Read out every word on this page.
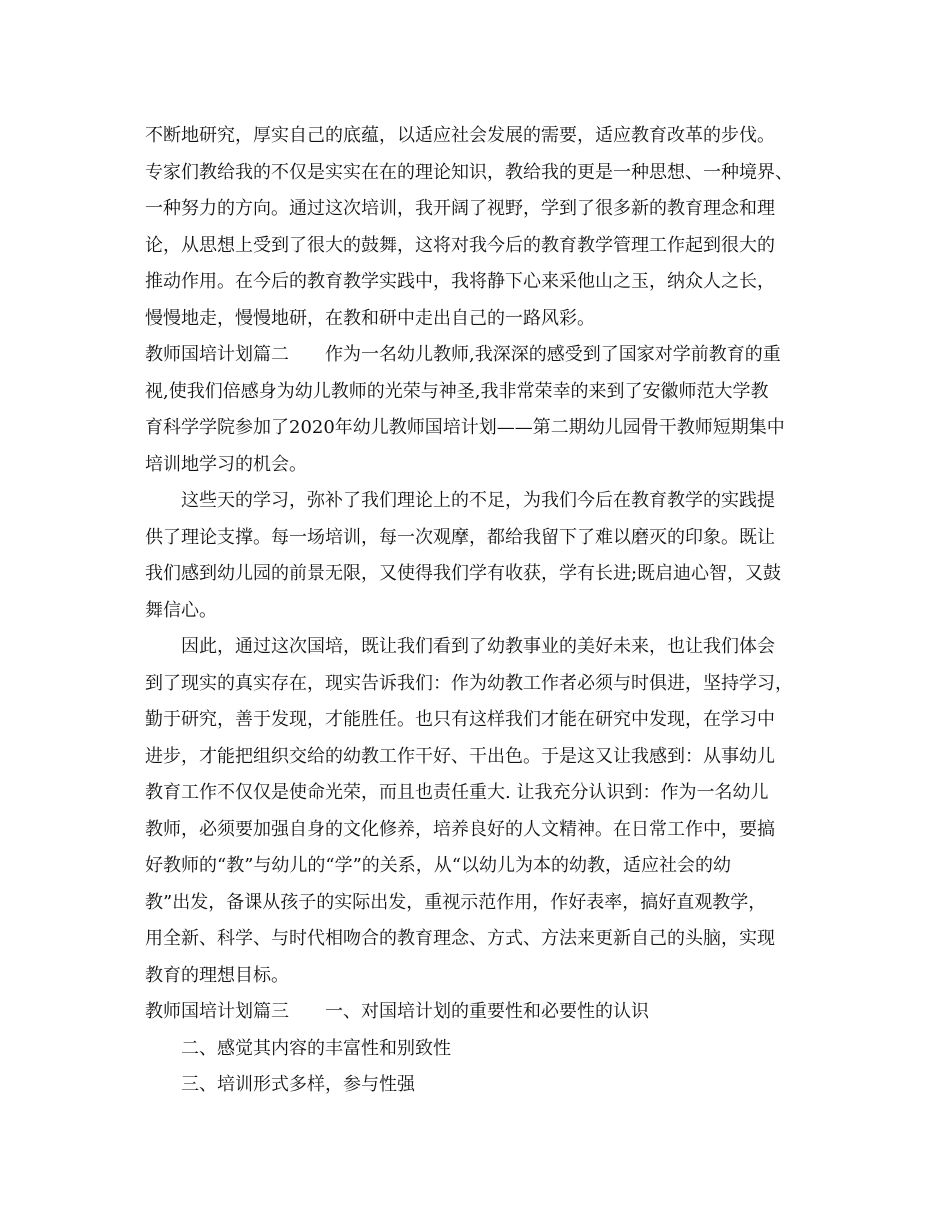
不断地研究，厚实自己的底蕴，以适应社会发展的需要，适应教育改革的步伐。
专家们教给我的不仅是实实在在的理论知识，教给我的更是一种思想、一种境界、
一种努力的方向。通过这次培训，我开阔了视野，学到了很多新的教育理念和理
论，从思想上受到了很大的鼓舞，这将对我今后的教育教学管理工作起到很大的
推动作用。在今后的教育教学实践中，我将静下心来采他山之玉，纳众人之长，
慢慢地走，慢慢地研，在教和研中走出自己的一路风彩。
教师国培计划篇二 作为一名幼儿教师,我深深的感受到了国家对学前教育的重
视,使我们倍感身为幼儿教师的光荣与神圣,我非常荣幸的来到了安徽师范大学教
育科学学院参加了2020年幼儿教师国培计划——第二期幼儿园骨干教师短期集中
培训地学习的机会。
这些天的学习，弥补了我们理论上的不足，为我们今后在教育教学的实践提
供了理论支撑。每一场培训，每一次观摩，都给我留下了难以磨灭的印象。既让
我们感到幼儿园的前景无限，又使得我们学有收获，学有长进;既启迪心智，又鼓
舞信心。
因此，通过这次国培，既让我们看到了幼教事业的美好未来，也让我们体会
到了现实的真实存在，现实告诉我们：作为幼教工作者必须与时俱进，坚持学习，
勤于研究，善于发现，才能胜任。也只有这样我们才能在研究中发现，在学习中
进步，才能把组织交给的幼教工作干好、干出色。于是这又让我感到：从事幼儿
教育工作不仅仅是使命光荣，而且也责任重大. 让我充分认识到：作为一名幼儿
教师，必须要加强自身的文化修养，培养良好的人文精神。在日常工作中，要搞
好教师的“教”与幼儿的“学”的关系，从“以幼儿为本的幼教，适应社会的幼
教”出发，备课从孩子的实际出发，重视示范作用，作好表率，搞好直观教学，
用全新、科学、与时代相吻合的教育理念、方式、方法来更新自己的头脑，实现
教育的理想目标。
教师国培计划篇三 一、对国培计划的重要性和必要性的认识
二、感觉其内容的丰富性和别致性
三、培训形式多样，参与性强
